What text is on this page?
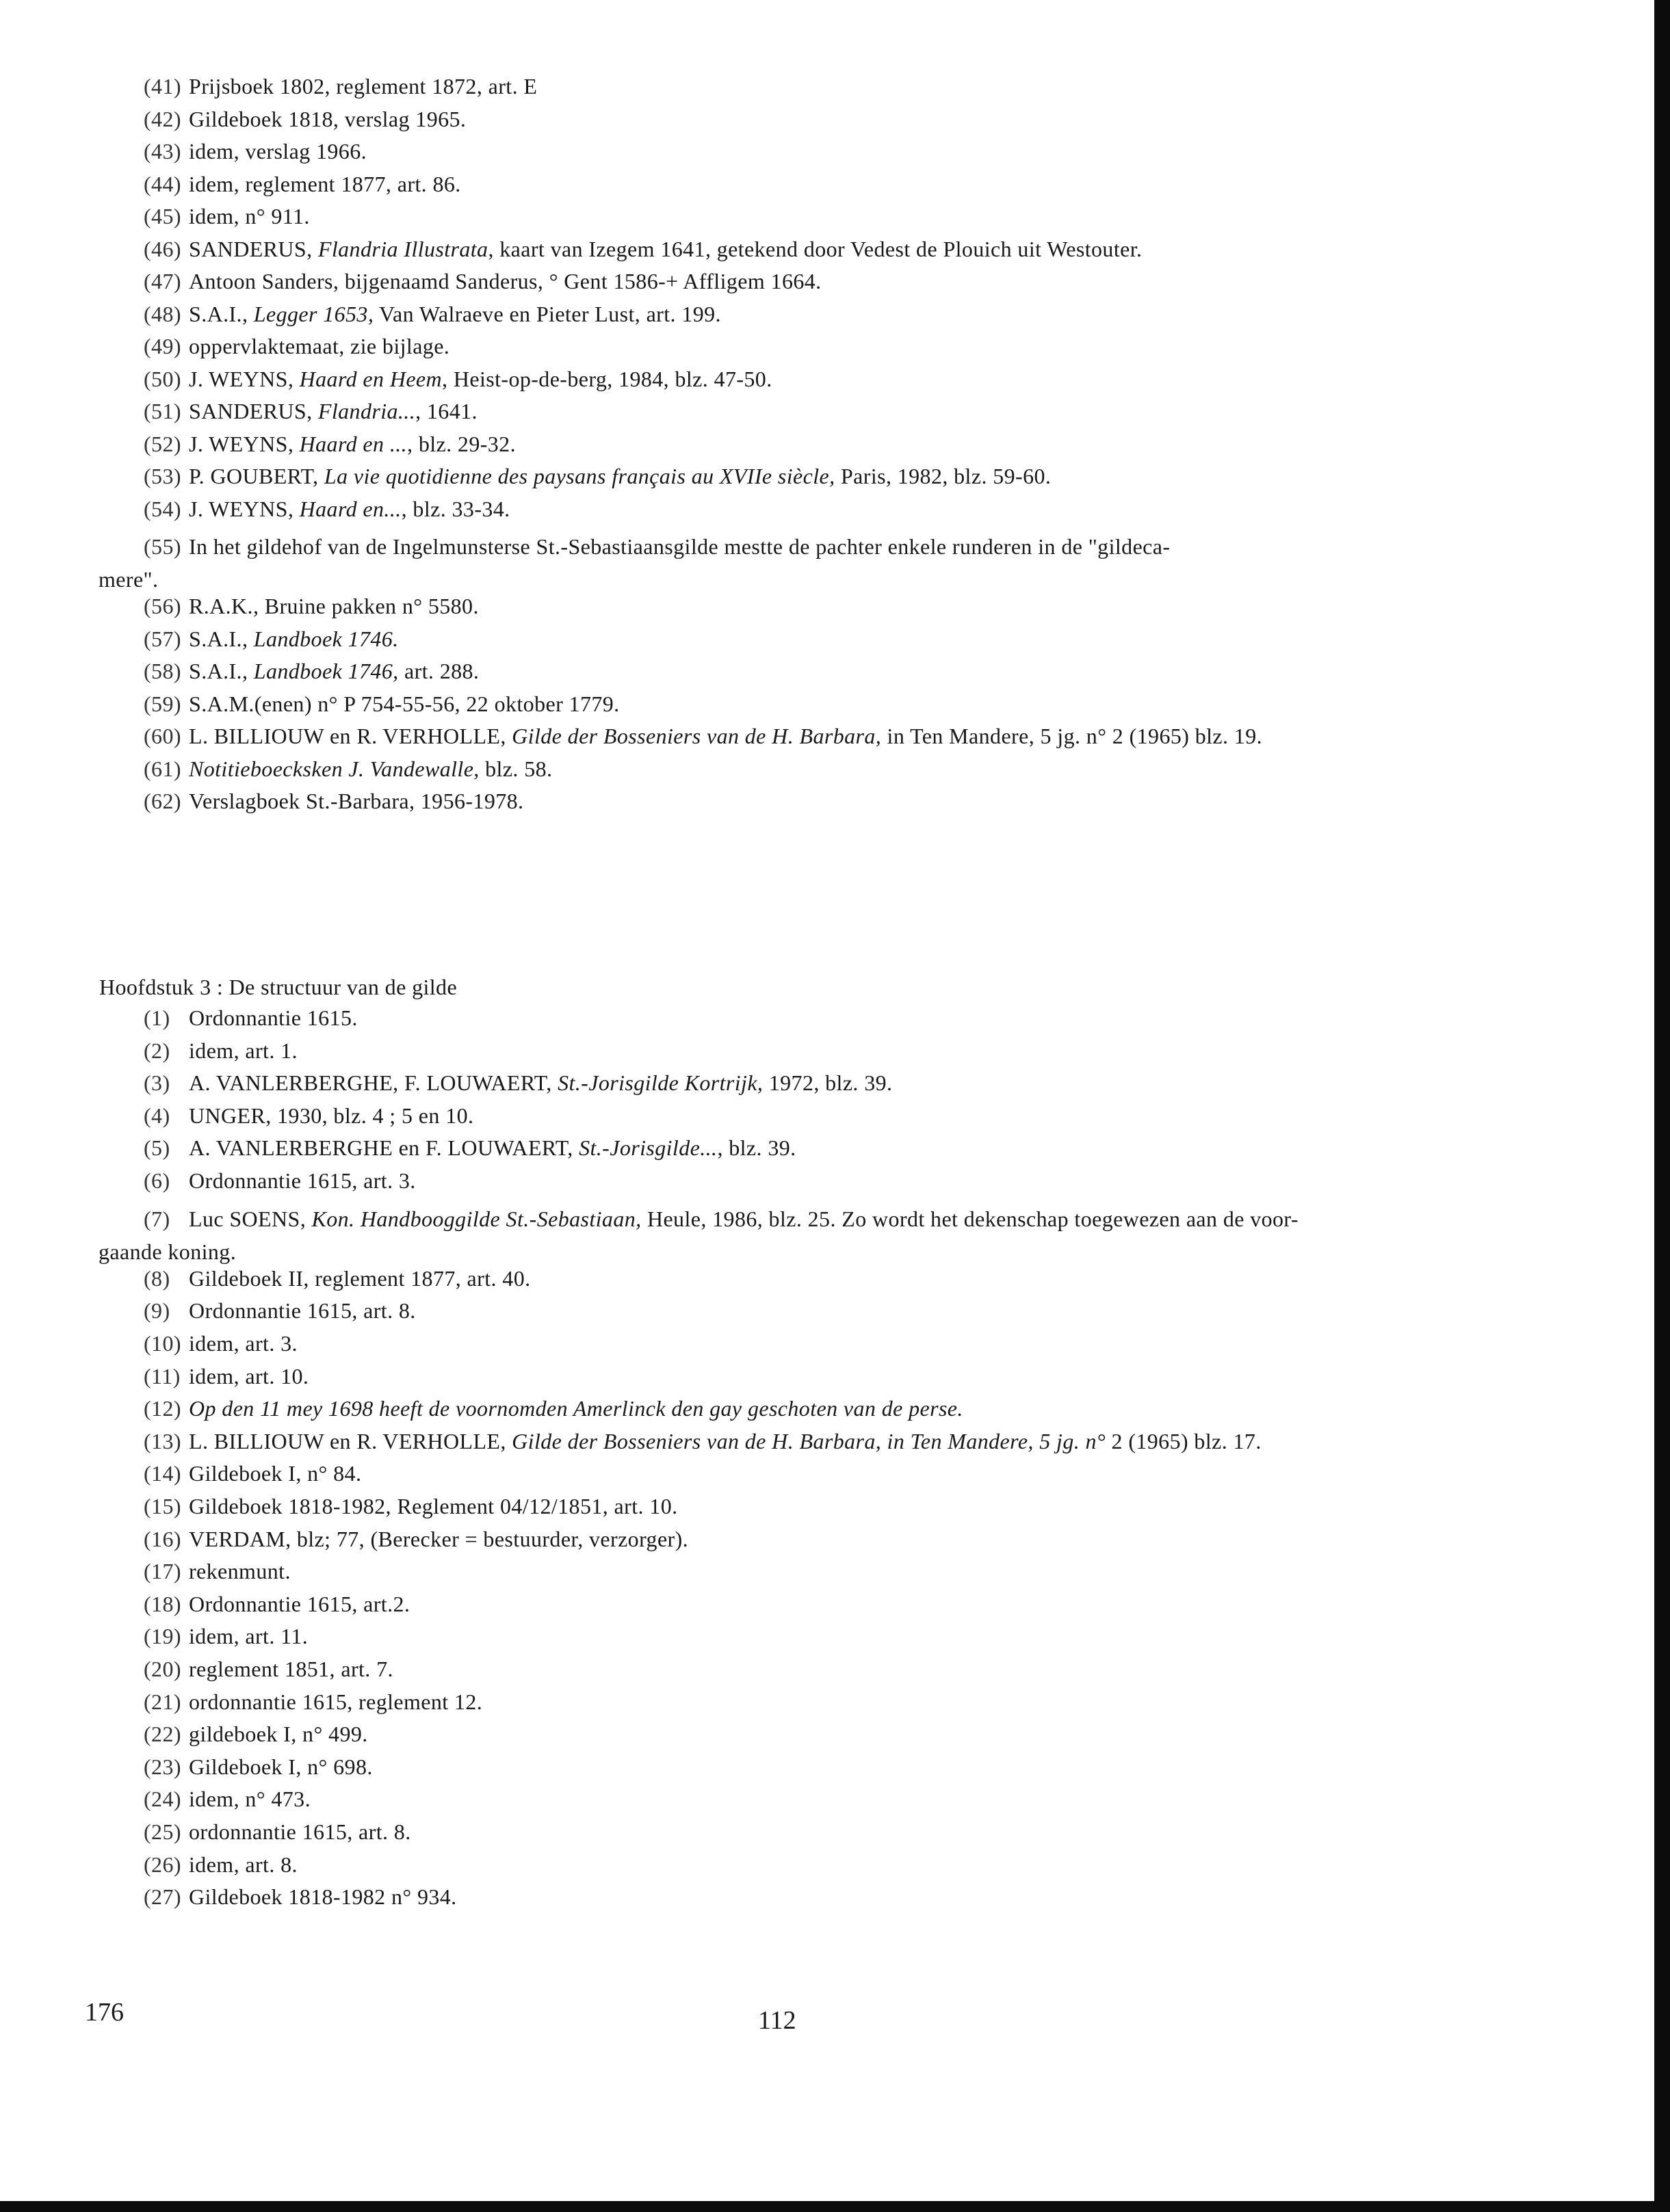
(41) Prijsboek 1802, reglement 1872, art. E
(42) Gildeboek 1818, verslag 1965.
(43) idem, verslag 1966.
(44) idem, reglement 1877, art. 86.
(45) idem, n° 911.
(46) SANDERUS, Flandria Illustrata, kaart van Izegem 1641, getekend door Vedest de Plouich uit Westouter.
(47) Antoon Sanders, bijgenaamd Sanderus, ° Gent 1586-+ Affligem 1664.
(48) S.A.I., Legger 1653, Van Walraeve en Pieter Lust, art. 199.
(49) oppervlaktemaat, zie bijlage.
(50) J. WEYNS, Haard en Heem, Heist-op-de-berg, 1984, blz. 47-50.
(51) SANDERUS, Flandria..., 1641.
(52) J. WEYNS, Haard en ..., blz. 29-32.
(53) P. GOUBERT, La vie quotidienne des paysans français au XVIIe siècle, Paris, 1982, blz. 59-60.
(54) J. WEYNS, Haard en..., blz. 33-34.
(55) In het gildehof van de Ingelmunsterse St.-Sebastiaansgilde mestte de pachter enkele runderen in de "gildeca-
mere".
(56) R.A.K., Bruine pakken n° 5580.
(57) S.A.I., Landboek 1746.
(58) S.A.I., Landboek 1746, art. 288.
(59) S.A.M.(enen) n° P 754-55-56, 22 oktober 1779.
(60) L. BILLIOUW en R. VERHOLLE, Gilde der Bosseniers van de H. Barbara, in Ten Mandere, 5 jg. n° 2 (1965) blz. 19.
(61) Notitieboecksken J. Vandewalle, blz. 58.
(62) Verslagboek St.-Barbara, 1956-1978.
Hoofdstuk 3 : De structuur van de gilde
(1) Ordonnantie 1615.
(2) idem, art. 1.
(3) A. VANLERBERGHE, F. LOUWAERT, St.-Jorisgilde Kortrijk, 1972, blz. 39.
(4) UNGER, 1930, blz. 4 ; 5 en 10.
(5) A. VANLERBERGHE en F. LOUWAERT, St.-Jorisgilde..., blz. 39.
(6) Ordonnantie 1615, art. 3.
(7) Luc SOENS, Kon. Handbooggilde St.-Sebastiaan, Heule, 1986, blz. 25. Zo wordt het dekenschap toegewezen aan de voor-
gaande koning.
(8) Gildeboek II, reglement 1877, art. 40.
(9) Ordonnantie 1615, art. 8.
(10) idem, art. 3.
(11) idem, art. 10.
(12) Op den 11 mey 1698 heeft de voornomden Amerlinck den gay geschoten van de perse.
(13) L. BILLIOUW en R. VERHOLLE, Gilde der Bosseniers van de H. Barbara, in Ten Mandere, 5 jg. n° 2 (1965) blz. 17.
(14) Gildeboek I, n° 84.
(15) Gildeboek 1818-1982, Reglement 04/12/1851, art. 10.
(16) VERDAM, blz; 77, (Berecker = bestuurder, verzorger).
(17) rekenmunt.
(18) Ordonnantie 1615, art.2.
(19) idem, art. 11.
(20) reglement 1851, art. 7.
(21) ordonnantie 1615, reglement 12.
(22) gildeboek I, n° 499.
(23) Gildeboek I, n° 698.
(24) idem, n° 473.
(25) ordonnantie 1615, art. 8.
(26) idem, art. 8.
(27) Gildeboek 1818-1982 n° 934.
176	112
